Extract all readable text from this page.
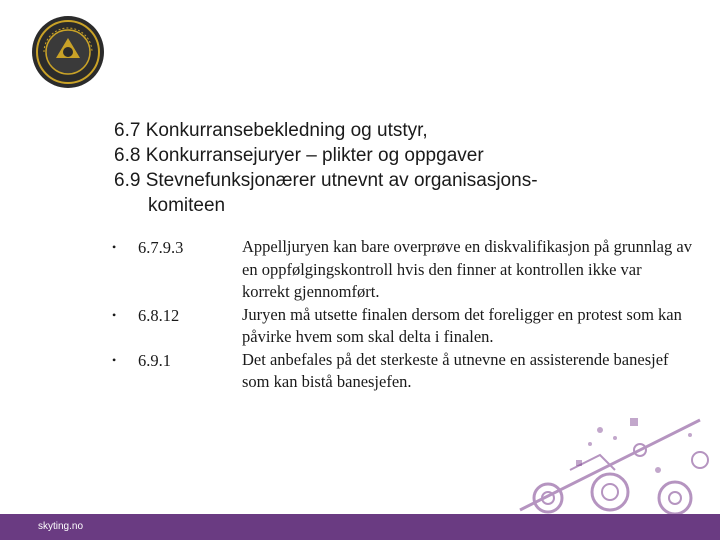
6.7 Konkurransebekledning og utstyr,
6.8 Konkurransejuryer – plikter og oppgaver
6.9 Stevnefunksjonærer utnevnt av organisasjons-
komiteen
• 6.7.9.3	Appelljuryen kan bare overprøve en diskvalifikasjon på grunnlag av en oppfølgingskontroll hvis den finner at kontrollen ikke var korrekt gjennomført.
• 6.8.12	Juryen må utsette finalen dersom det foreligger en protest som kan påvirke hvem som skal delta i finalen.
• 6.9.1	Det anbefales på det sterkeste å utnevne en assisterende banesjef som kan bistå banesjefen.
skyting.no
